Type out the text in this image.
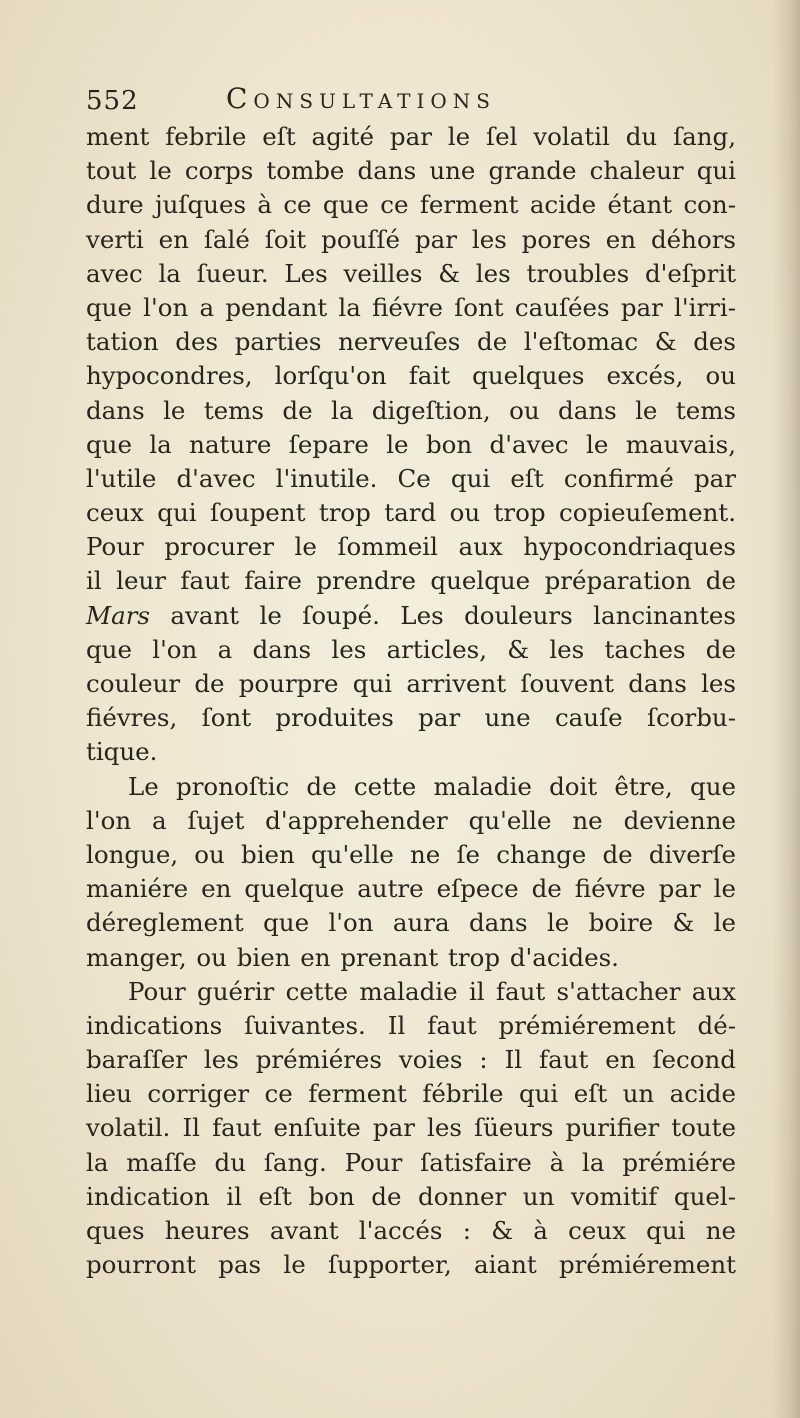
552	Consultations
ment febrile eſt agité par le ſel volatil du ſang,
tout le corps tombe dans une grande chaleur qui
dure juſques à ce que ce ferment acide étant con-
verti en ſalé ſoit pouſſé par les pores en déhors
avec la ſueur. Les veilles & les troubles d'eſprit
que l'on a pendant la fiévre ſont cauſées par l'irri-
tation des parties nerveuſes de l'eſtomac & des
hypocondres, lorſqu'on fait quelques excés, ou
dans le tems de la digeſtion, ou dans le tems
que la nature ſepare le bon d'avec le mauvais,
l'utile d'avec l'inutile. Ce qui eſt confirmé par
ceux qui ſoupent trop tard ou trop copieuſement.
Pour procurer le ſommeil aux hypocondriaques
il leur faut faire prendre quelque préparation de
Mars avant le ſoupé. Les douleurs lancinantes
que l'on a dans les articles, & les taches de
couleur de pourpre qui arrivent ſouvent dans les
fiévres, ſont produites par une cauſe ſcorbu-
tique.
Le pronoſtic de cette maladie doit être, que
l'on a ſujet d'apprehender qu'elle ne devienne
longue, ou bien qu'elle ne ſe change de diverſe
maniére en quelque autre eſpece de fiévre par le
déreglement que l'on aura dans le boire & le
manger, ou bien en prenant trop d'acides.
Pour guérir cette maladie il faut s'attacher aux
indications ſuivantes. Il faut prémiérement dé-
baraſſer les prémiéres voies : Il faut en ſecond
lieu corriger ce ferment fébrile qui eſt un acide
volatil. Il faut enſuite par les ſüeurs purifier toute
la maſſe du ſang. Pour ſatisfaire à la prémiére
indication il eſt bon de donner un vomitif quel-
ques heures avant l'accés : & à ceux qui ne
pourront pas le ſupporter, aiant prémiérement
